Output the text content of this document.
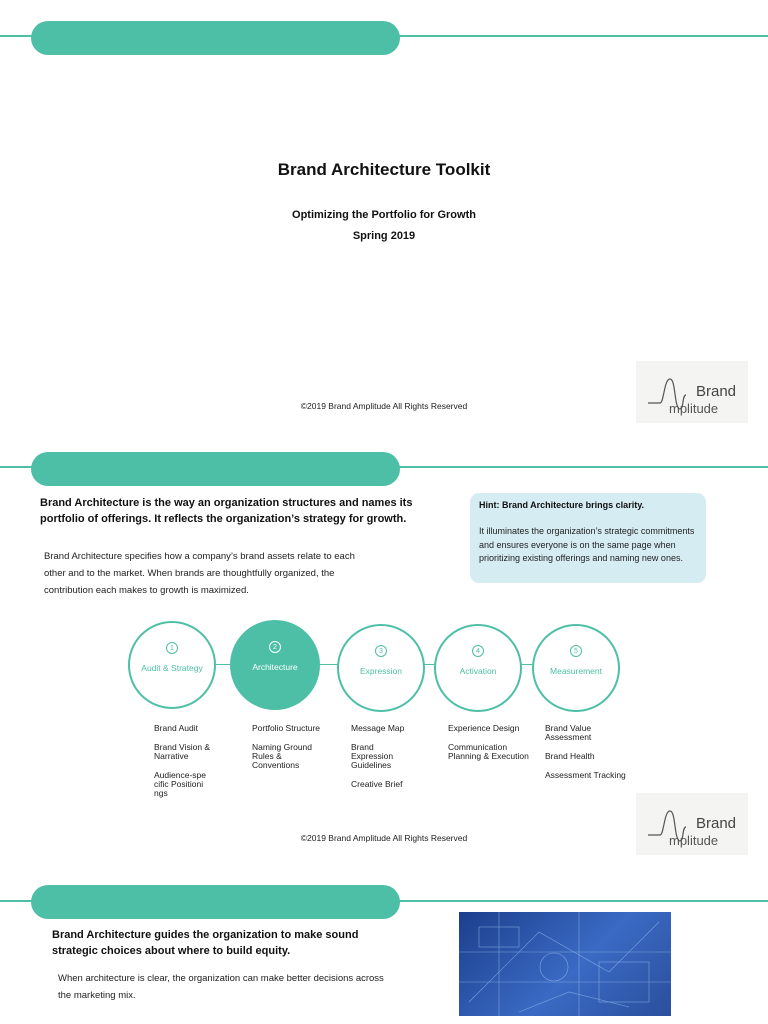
Brand Architecture Toolkit
Optimizing the Portfolio for Growth
Spring 2019
©2019 Brand Amplitude All Rights Reserved
Brand
mplitude
Brand Architecture is the way an organization structures and names its portfolio of offerings. It reflects the organization’s strategy for growth.
Brand Architecture specifies how a company’s brand assets relate to each other and to the market. When brands are thoughtfully organized, the contribution each makes to growth is maximized.
Hint: Brand Architecture brings clarity.
It illuminates the organization’s strategic commitments and ensures everyone is on the same page when prioritizing existing offerings and naming new ones.
1
Audit & Strategy
2
Architecture
3
Expression
4
Activation
5
Measurement
Brand Audit
Brand Vision & Narrative
Audience-specific Positionings
Portfolio Structure
Naming Ground Rules & Conventions
Message Map
Brand Expression Guidelines
Creative Brief
Experience Design
Communication Planning & Execution
Brand Value Assessment
Brand Health
Assessment Tracking
©2019 Brand Amplitude All Rights Reserved
Brand
mplitude
Brand Architecture guides the organization to make sound strategic choices about where to build equity.
When architecture is clear, the organization can make better decisions across the marketing mix.
